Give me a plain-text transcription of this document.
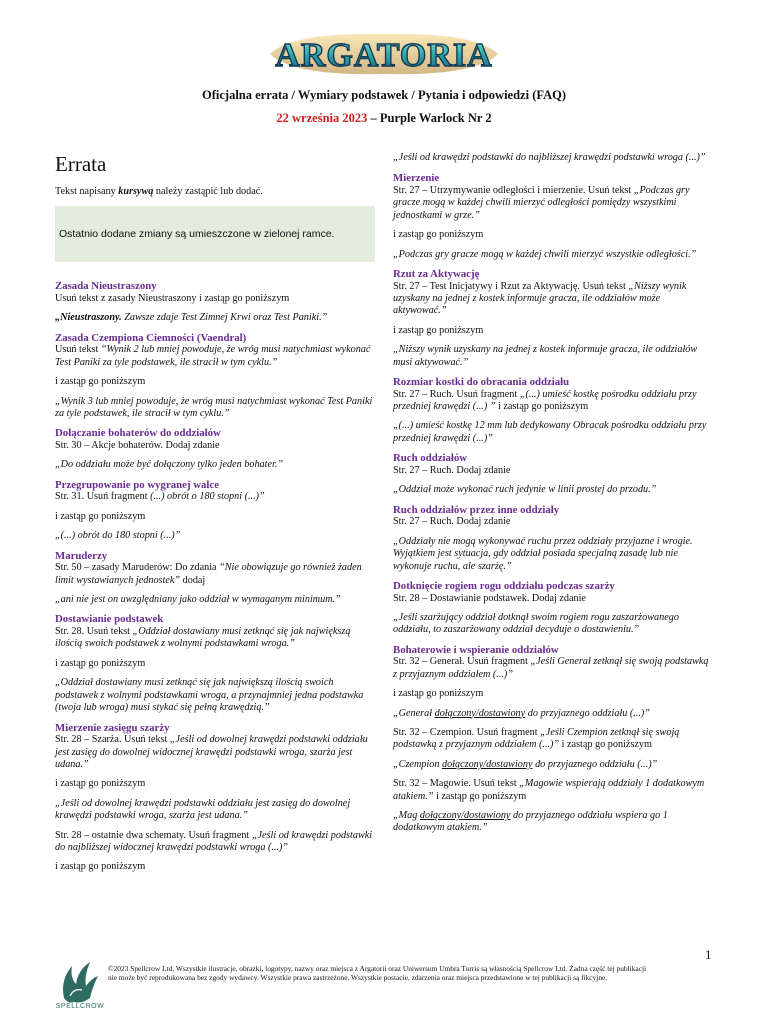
ARGATORIA
Oficjalna errata / Wymiary podstawek / Pytania i odpowiedzi (FAQ)
22 września 2023 – Purple Warlock Nr 2
Errata
Tekst napisany kursywą należy zastąpić lub dodać.
Ostatnio dodane zmiany są umieszczone w zielonej ramce.
Zasada Nieustraszony
Usuń tekst z zasady Nieustraszony i zastąp go poniższym
„Nieustraszony. Zawsze zdaje Test Zimnej Krwi oraz Test Paniki.”
Zasada Czempiona Ciemności (Vaendral)
Usuń tekst “Wynik 2 lub mniej powoduje, że wróg musi natychmiast wykonać Test Paniki za tyle podstawek, ile stracił w tym cyklu.”
i zastąp go poniższym
„Wynik 3 lub mniej powoduje, że wróg musi natychmiast wykonać Test Paniki za tyle podstawek, ile stracił w tym cyklu.”
Dołączanie bohaterów do oddziałów
Str. 30 – Akcje bohaterów. Dodaj zdanie
„Do oddziału może być dołączony tylko jeden bohater.”
Przegrupowanie po wygranej walce
Str. 31. Usuń fragment (...) obrót o 180 stopni (...)”
i zastąp go poniższym
„(...) obrót do 180 stopni (...)”
Maruderzy
Str. 50 – zasady Maruderów: Do zdania “Nie obowiązuje go również żaden limit wystawianych jednostek” dodaj
„ani nie jest on uwzględniany jako oddział w wymaganym minimum.”
Dostawianie podstawek
Str. 28. Usuń tekst „Oddział dostawiany musi zetknąć się jak największą ilością swoich podstawek z wolnymi podstawkami wroga.”
i zastąp go poniższym
„Oddział dostawiany musi zetknąć się jak największą ilością swoich podstawek z wolnymi podstawkami wroga, a przynajmniej jedna podstawka (twoja lub wroga) musi stykać się pełną krawędzią.”
Mierzenie zasięgu szarży
Str. 28 – Szarża. Usuń tekst „Jeśli od dowolnej krawędzi podstawki oddziału jest zasięg do dowolnej widocznej krawędzi podstawki wroga, szarża jest udana.”
i zastąp go poniższym
„Jeśli od dowolnej krawędzi podstawki oddziału jest zasięg do dowolnej krawędzi podstawki wroga, szarża jest udana.”
Str. 28 – ostatnie dwa schematy. Usuń fragment „Jeśli od krawędzi podstawki do najbliższej widocznej krawędzi podstawki wroga (...)”
i zastąp go poniższym
„Jeśli od krawędzi podstawki do najbliższej krawędzi podstawki wroga (...)”
Mierzenie
Str. 27 – Utrzymywanie odległości i mierzenie. Usuń tekst „Podczas gry gracze mogą w każdej chwili mierzyć odległości pomiędzy wszystkimi jednostkami w grze.”
i zastąp go poniższym
„Podczas gry gracze mogą w każdej chwili mierzyć wszystkie odległości.”
Rzut za Aktywację
Str. 27 – Test Inicjatywy i Rzut za Aktywację. Usuń tekst „Niższy wynik uzyskany na jednej z kostek informuje gracza, ile oddziałów może aktywować.”
i zastąp go poniższym
„Niższy wynik uzyskany na jednej z kostek informuje gracza, ile oddziałów musi aktywować.”
Rozmiar kostki do obracania oddziału
Str. 27 – Ruch. Usuń fragment „(...) umieść kostkę pośrodku oddziału przy przedniej krawędzi (...) ” i zastąp go poniższym
„(...) umieść kostkę 12 mm lub dedykowany Obracak pośrodku oddziału przy przedniej krawędzi (...)”
Ruch oddziałów
Str. 27 – Ruch. Dodaj zdanie
„Oddział może wykonać ruch jedynie w linii prostej do przodu.”
Ruch oddziałów przez inne oddziały
Str. 27 – Ruch. Dodaj zdanie
„Oddziały nie mogą wykonywać ruchu przez oddziały przyjazne i wrogie. Wyjątkiem jest sytuacja, gdy oddział posiada specjalną zasadę lub nie wykonuje ruchu, ale szarżę.”
Dotknięcie rogiem rogu oddziału podczas szarży
Str. 28 – Dostawianie podstawek. Dodaj zdanie
„Jeśli szarżujący oddział dotknął swoim rogiem rogu zaszarżowanego oddziału, to zaszarżowany oddział decyduje o dostawieniu.”
Bohaterowie i wspieranie oddziałów
Str. 32 – Generał. Usuń fragment „Jeśli Generał zetknął się swoją podstawką z przyjaznym oddziałem (...)”
i zastąp go poniższym
„Generał dołączony/dostawiony do przyjaznego oddziału (...)”
Str. 32 – Czempion. Usuń fragment „Jeśli Czempion zetknął się swoją podstawką z przyjaznym oddziałem (...)” i zastąp go poniższym
„Czempion dołączony/dostawiony do przyjaznego oddziału (...)”
Str. 32 – Magowie. Usuń tekst „Magowie wspierają oddziały 1 dodatkowym atakiem.” i zastąp go poniższym
„Mag dołączony/dostawiony do przyjaznego oddziału wspiera go 1 dodatkowym atakiem.”
1
SPELLCROW
©2023 Spellcrow Ltd. Wszystkie ilustracje, obrazki, logotypy, nazwy oraz miejsca z Argatorii oraz Uniwersum Umbra Turris są własnością Spellcrow Ltd. Żadna część tej publikacji
nie może być reprodukowana bez zgody wydawcy. Wszystkie prawa zastrzeżone. Wszystkie postacie, zdarzenia oraz miejsca przedstawione w tej publikacji są fikcyjne.
